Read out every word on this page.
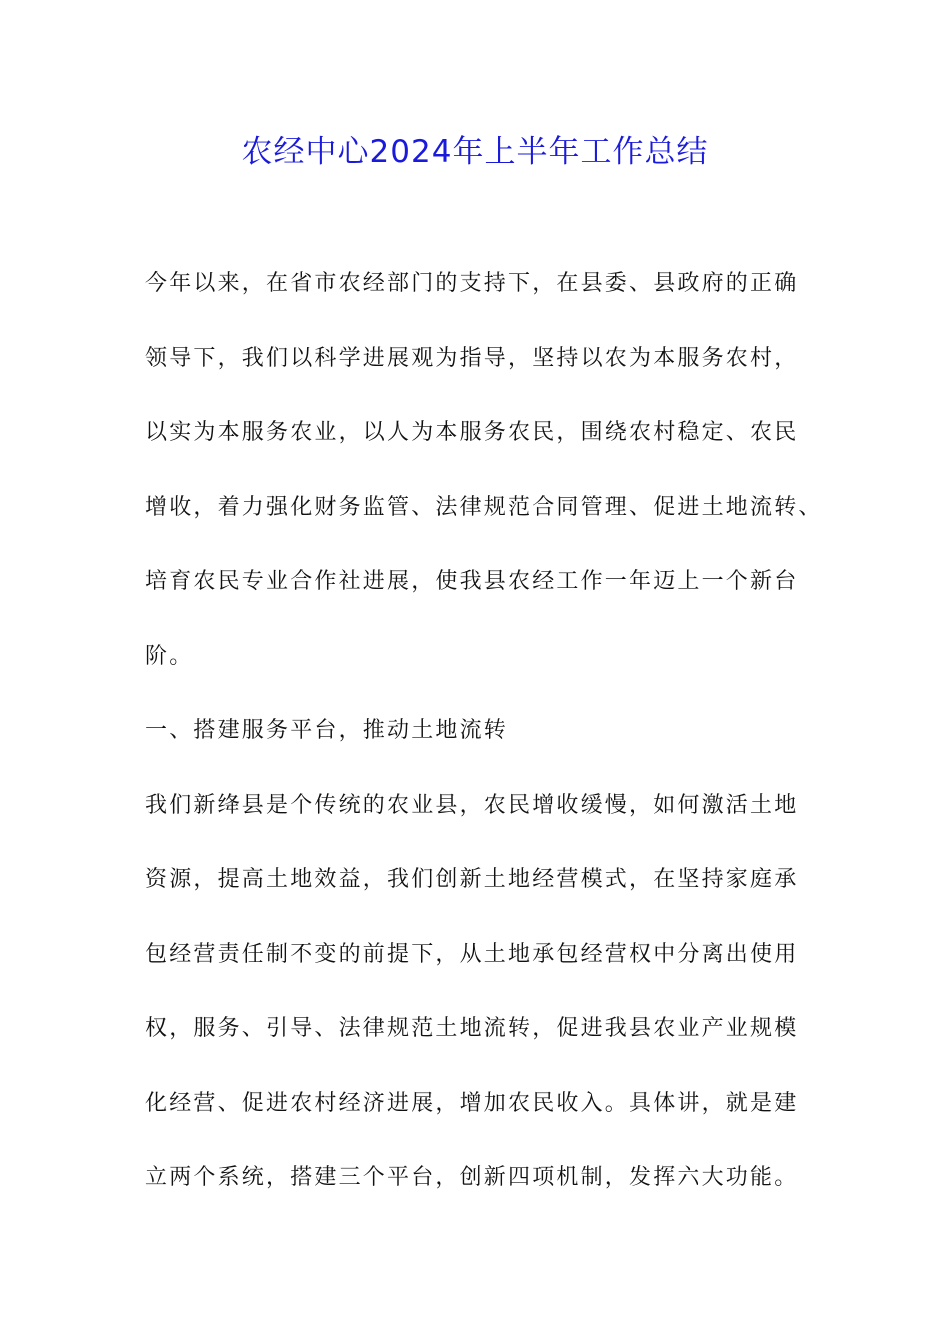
农经中心2024年上半年工作总结
今年以来，在省市农经部门的支持下，在县委、县政府的正确
领导下，我们以科学进展观为指导，坚持以农为本服务农村，
以实为本服务农业，以人为本服务农民，围绕农村稳定、农民
增收，着力强化财务监管、法律规范合同管理、促进土地流转、
培育农民专业合作社进展，使我县农经工作一年迈上一个新台
阶。
一、搭建服务平台，推动土地流转
我们新绛县是个传统的农业县，农民增收缓慢，如何激活土地
资源，提高土地效益，我们创新土地经营模式，在坚持家庭承
包经营责任制不变的前提下，从土地承包经营权中分离出使用
权，服务、引导、法律规范土地流转，促进我县农业产业规模
化经营、促进农村经济进展，增加农民收入。具体讲，就是建
立两个系统，搭建三个平台，创新四项机制，发挥六大功能。
